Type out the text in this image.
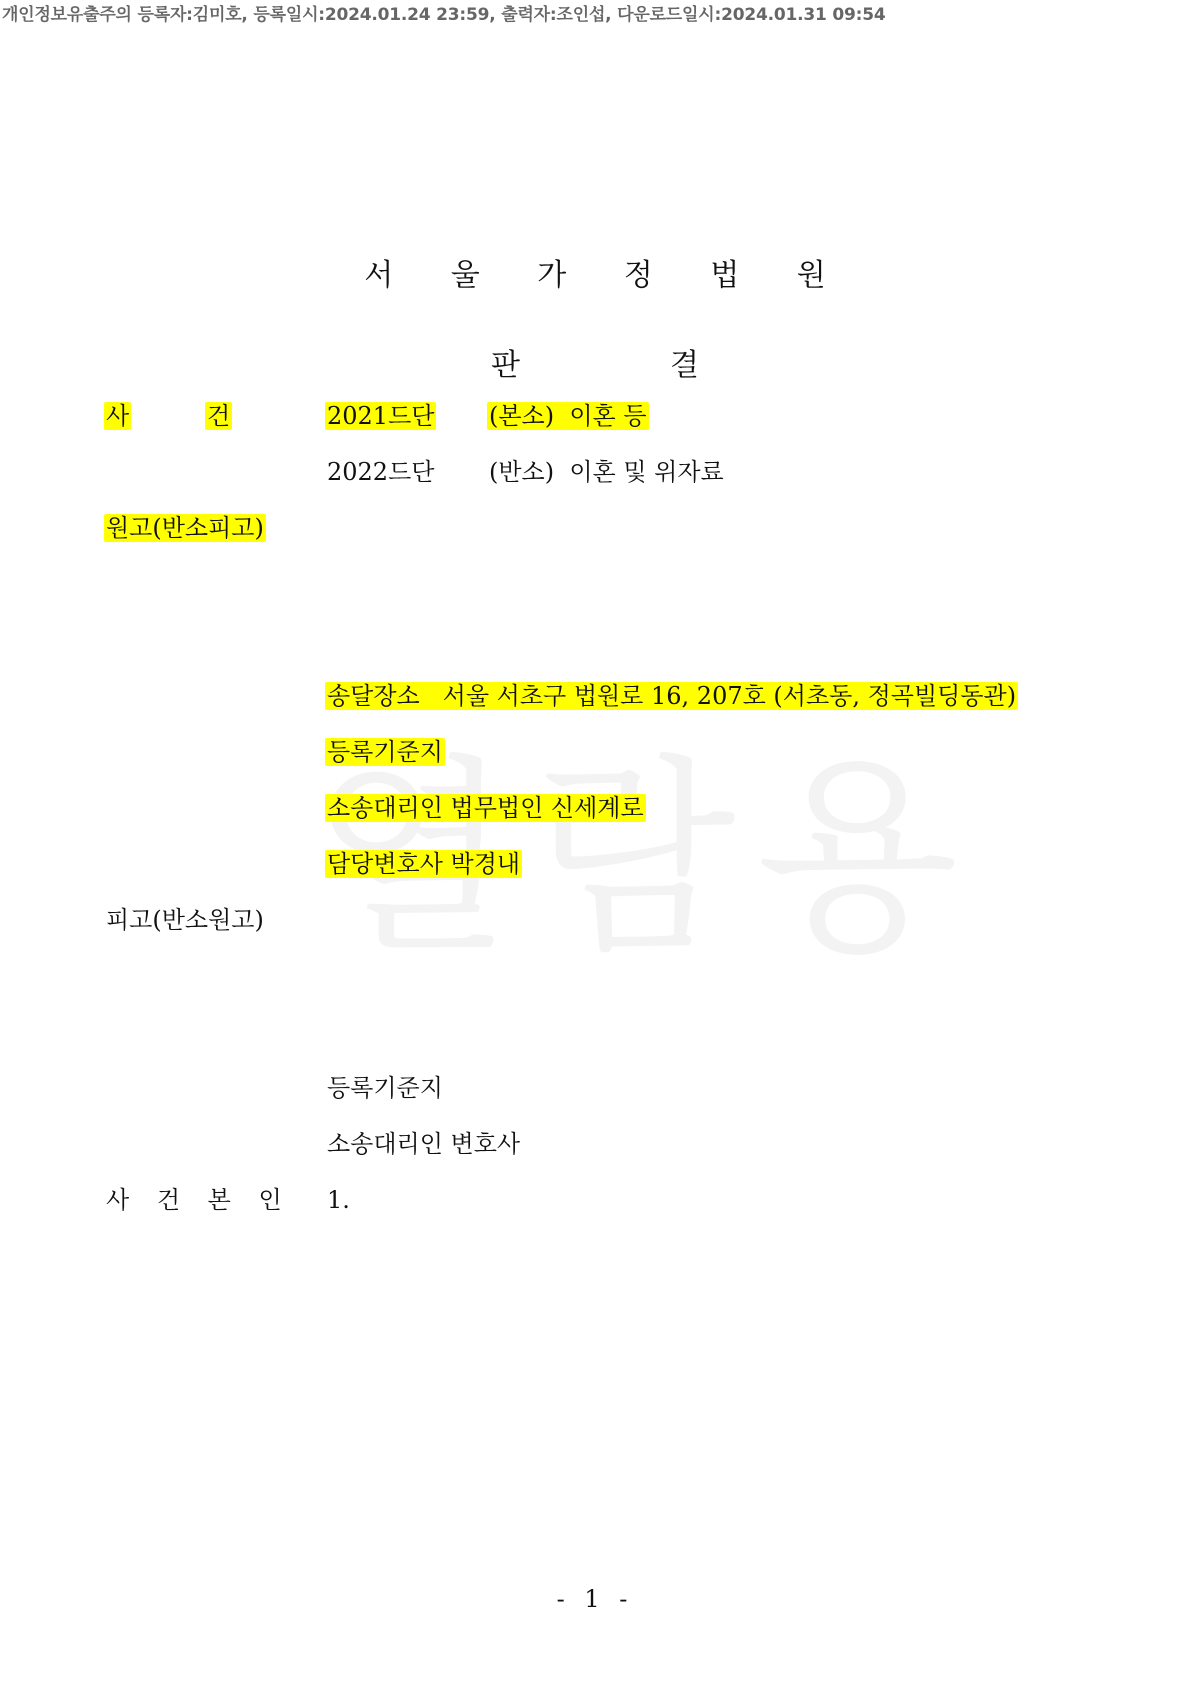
개인정보유출주의 등록자:김미호, 등록일시:2024.01.24 23:59, 출력자:조인섭, 다운로드일시:2024.01.31 09:54
서 울 가 정 법 원
판	결
사	건	2021드단 (본소) 이혼 등
2022드단 (반소) 이혼 및 위자료
원고(반소피고)
송달장소 서울 서초구 법원로 16, 207호 (서초동, 정곡빌딩동관)
등록기준지
소송대리인 법무법인 신세계로
담당변호사 박경내
피고(반소원고)
등록기준지
소송대리인 변호사
사 건 본 인 1.
- 1 -
